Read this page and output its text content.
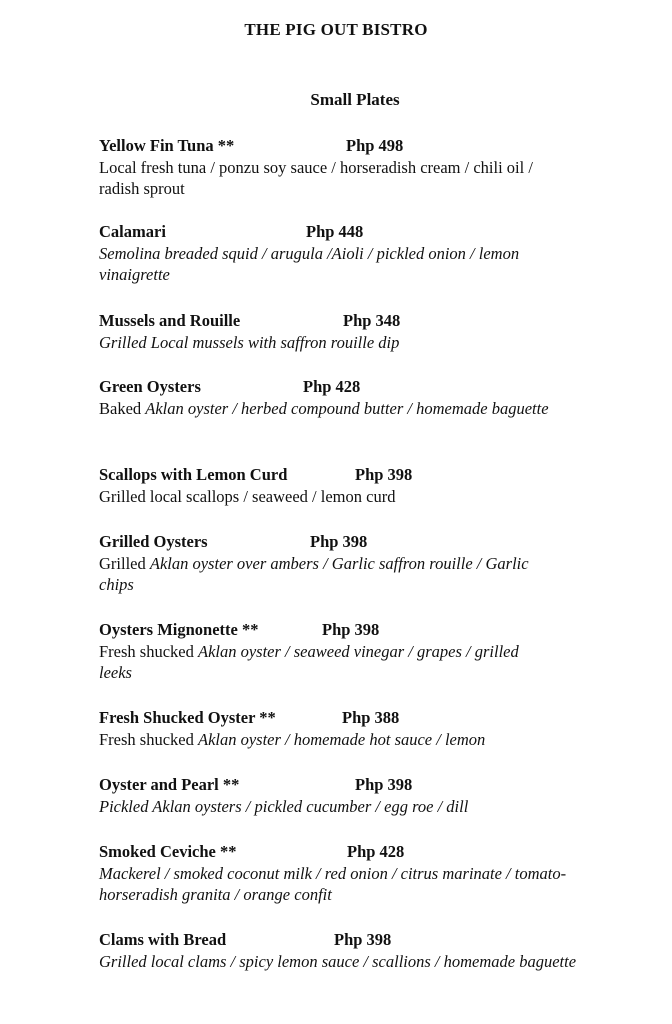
THE PIG OUT BISTRO
Small Plates
Yellow Fin Tuna **	Php 498
Local fresh tuna / ponzu soy sauce / horseradish cream / chili oil / radish sprout
Calamari	Php 448
Semolina breaded squid / arugula /Aioli / pickled onion / lemon vinaigrette
Mussels and Rouille	Php 348
Grilled Local mussels with saffron rouille dip
Green Oysters	Php 428
Baked Aklan oyster / herbed compound butter / homemade baguette
Scallops with Lemon Curd	Php 398
Grilled local scallops / seaweed / lemon curd
Grilled Oysters	Php 398
Grilled Aklan oyster over ambers / Garlic saffron rouille / Garlic chips
Oysters Mignonette **	Php 398
Fresh shucked Aklan oyster / seaweed vinegar / grapes / grilled leeks
Fresh Shucked Oyster **	Php 388
Fresh shucked Aklan oyster / homemade hot sauce / lemon
Oyster and Pearl **	Php 398
Pickled Aklan oysters / pickled cucumber / egg roe / dill
Smoked Ceviche **	Php 428
Mackerel / smoked coconut milk / red onion / citrus marinate / tomato-horseradish granita / orange confit
Clams with Bread	Php 398
Grilled local clams / spicy lemon sauce / scallions / homemade baguette
